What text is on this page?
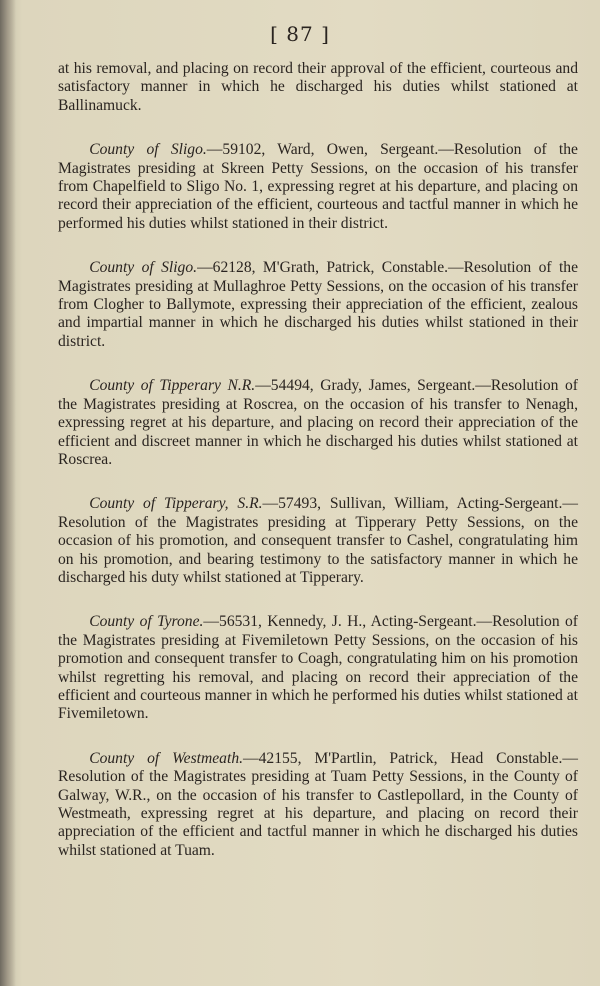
[ 87 ]

at his removal, and placing on record their approval of the efficient, courteous and satisfactory manner in which he discharged his duties whilst stationed at Ballinamuck.

County of Sligo.—59102, Ward, Owen, Sergeant.—Resolution of the Magistrates presiding at Skreen Petty Sessions, on the occasion of his transfer from Chapelfield to Sligo No. 1, expressing regret at his departure, and placing on record their appreciation of the efficient, courteous and tactful manner in which he performed his duties whilst stationed in their district.

County of Sligo.—62128, M'Grath, Patrick, Constable.—Resolution of the Magistrates presiding at Mullaghroe Petty Sessions, on the occasion of his transfer from Clogher to Ballymote, expressing their appreciation of the efficient, zealous and impartial manner in which he discharged his duties whilst stationed in their district.

County of Tipperary N.R.—54494, Grady, James, Sergeant.—Resolution of the Magistrates presiding at Roscrea, on the occasion of his transfer to Nenagh, expressing regret at his departure, and placing on record their appreciation of the efficient and discreet manner in which he discharged his duties whilst stationed at Roscrea.

County of Tipperary, S.R.—57493, Sullivan, William, Acting-Sergeant.—Resolution of the Magistrates presiding at Tipperary Petty Sessions, on the occasion of his promotion, and consequent transfer to Cashel, congratulating him on his promotion, and bearing testimony to the satisfactory manner in which he discharged his duty whilst stationed at Tipperary.

County of Tyrone.—56531, Kennedy, J. H., Acting-Sergeant.—Resolution of the Magistrates presiding at Fivemiletown Petty Sessions, on the occasion of his promotion and consequent transfer to Coagh, congratulating him on his promotion whilst regretting his removal, and placing on record their appreciation of the efficient and courteous manner in which he performed his duties whilst stationed at Fivemiletown.

County of Westmeath.—42155, M'Partlin, Patrick, Head Constable.—Resolution of the Magistrates presiding at Tuam Petty Sessions, in the County of Galway, W.R., on the occasion of his transfer to Castlepollard, in the County of Westmeath, expressing regret at his departure, and placing on record their appreciation of the efficient and tactful manner in which he discharged his duties whilst stationed at Tuam.
